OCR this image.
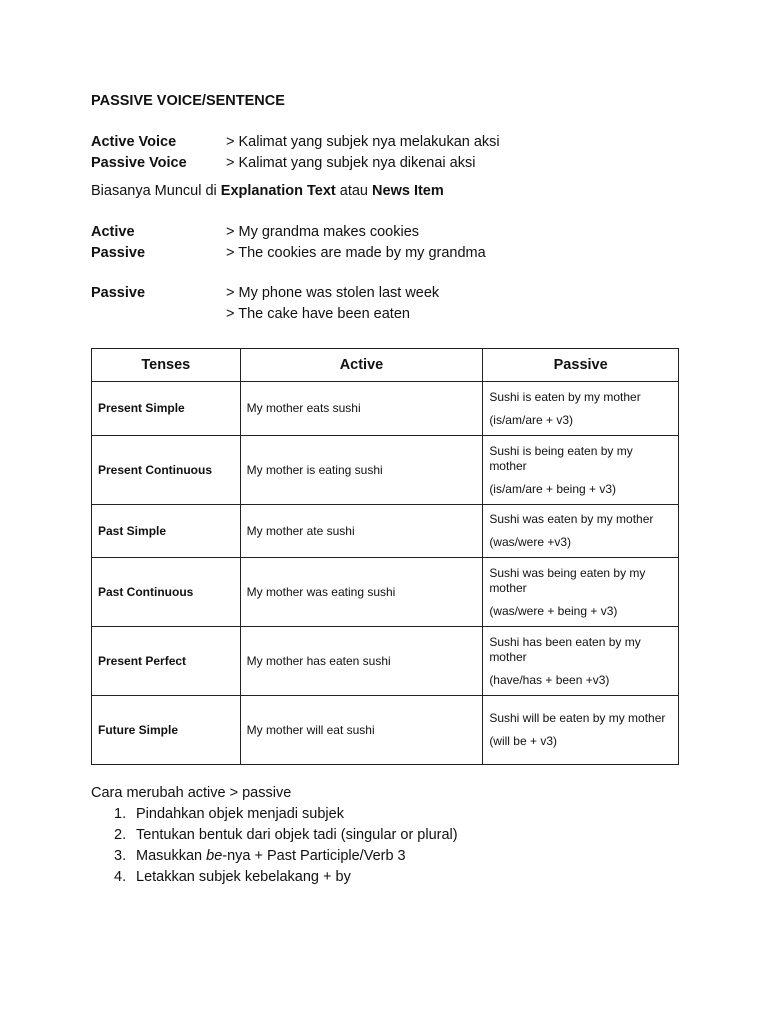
PASSIVE VOICE/SENTENCE
Active Voice	> Kalimat yang subjek nya melakukan aksi
Passive Voice	> Kalimat yang subjek nya dikenai aksi
Biasanya Muncul di Explanation Text atau News Item
Active	> My grandma makes cookies
Passive	> The cookies are made by my grandma
Passive	> My phone was stolen last week
> The cake have been eaten
Tenses	Active	Passive
Present Simple	My mother eats sushi	Sushi is eaten by my mother
(is/am/are + v3)

Present Continuous	My mother is eating sushi	Sushi is being eaten by my mother
(is/am/are + being + v3)

Past Simple	My mother ate sushi	Sushi was eaten by my mother
(was/were +v3)

Past Continuous	My mother was eating sushi	Sushi was being eaten by my mother
(was/were + being + v3)

Present Perfect	My mother has eaten sushi	Sushi has been eaten by my mother
(have/has + been +v3)

Future Simple	My mother will eat sushi	Sushi will be eaten by my mother
(will be + v3)
Cara merubah active > passive
1. Pindahkan objek menjadi subjek
2. Tentukan bentuk dari objek tadi (singular or plural)
3. Masukkan be-nya + Past Participle/Verb 3
4. Letakkan subjek kebelakang + by
